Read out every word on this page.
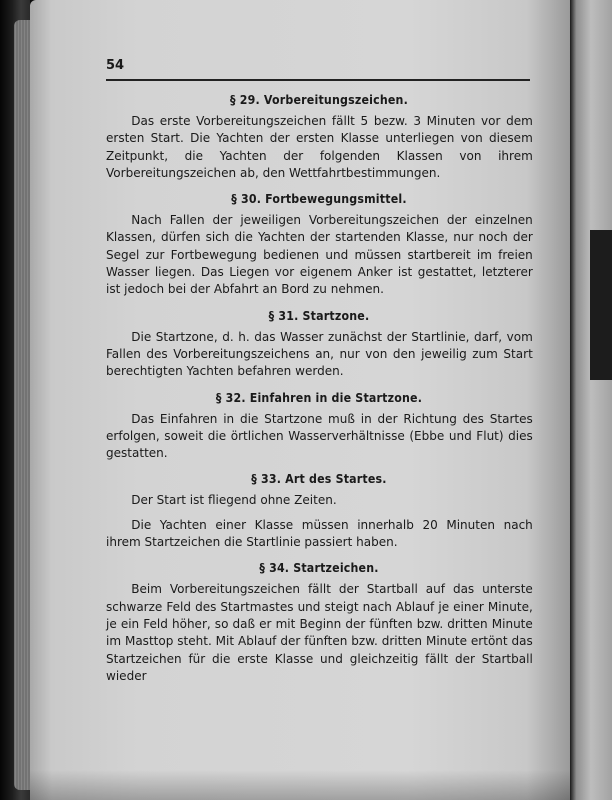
54
§ 29. Vorbereitungszeichen.
Das erste Vorbereitungszeichen fällt 5 bezw. 3 Minuten vor dem ersten Start. Die Yachten der ersten Klasse unterliegen von diesem Zeitpunkt, die Yachten der folgenden Klassen von ihrem Vorbereitungszeichen ab, den Wettfahrtbestimmungen.
§ 30. Fortbewegungsmittel.
Nach Fallen der jeweiligen Vorbereitungszeichen der einzelnen Klassen, dürfen sich die Yachten der startenden Klasse, nur noch der Segel zur Fortbewegung bedienen und müssen startbereit im freien Wasser liegen. Das Liegen vor eigenem Anker ist gestattet, letzterer ist jedoch bei der Abfahrt an Bord zu nehmen.
§ 31. Startzone.
Die Startzone, d. h. das Wasser zunächst der Startlinie, darf, vom Fallen des Vorbereitungszeichens an, nur von den jeweilig zum Start berechtigten Yachten befahren werden.
§ 32. Einfahren in die Startzone.
Das Einfahren in die Startzone muß in der Richtung des Startes erfolgen, soweit die örtlichen Wasserverhältnisse (Ebbe und Flut) dies gestatten.
§ 33. Art des Startes.
Der Start ist fliegend ohne Zeiten.
Die Yachten einer Klasse müssen innerhalb 20 Minuten nach ihrem Startzeichen die Startlinie passiert haben.
§ 34. Startzeichen.
Beim Vorbereitungszeichen fällt der Startball auf das unterste schwarze Feld des Startmastes und steigt nach Ablauf je einer Minute, je ein Feld höher, so daß er mit Beginn der fünften bzw. dritten Minute im Masttop steht. Mit Ablauf der fünften bzw. dritten Minute ertönt das Startzeichen für die erste Klasse und gleichzeitig fällt der Startball wieder
